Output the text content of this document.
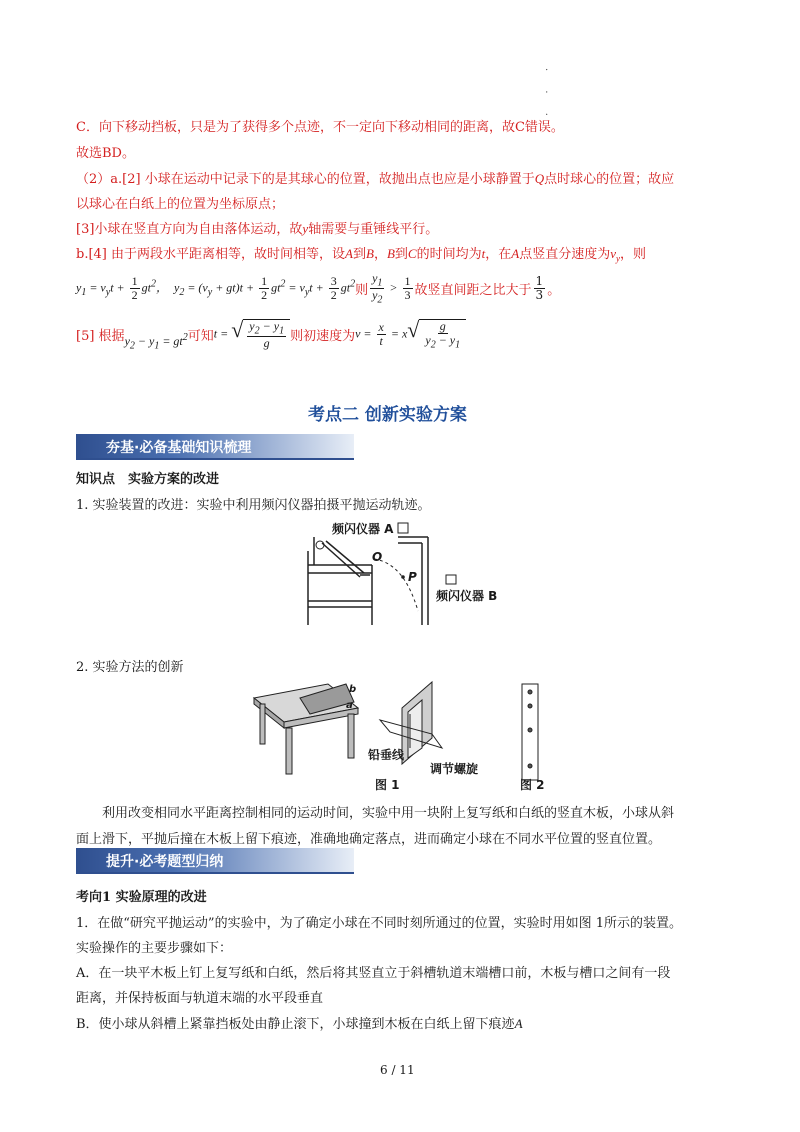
· · ·
C．向下移动挡板，只是为了获得多个点迹，不一定向下移动相同的距离，故C错误。
故选BD。
（2）a.[2] 小球在运动中记录下的是其球心的位置，故抛出点也应是小球静置于Q点时球心的位置；故应
以球心在白纸上的位置为坐标原点；
[3]小球在竖直方向为自由落体运动，故y轴需要与重锤线平行。
b.[4] 由于两段水平距离相等，故时间相等，设A到B，B到C的时间均为t，在A点竖直分速度为$v_y$，则
$y_1 = v_yt + \frac{1}{2} gt^2$，  $y_2 = (v_y + gt)t + \frac{1}{2} gt^2 = v_yt + \frac{3}{2} gt^2$ 则 $\frac{y_1}{y_2} > \frac{1}{3}$ 故竖直间距之比大于 $\frac{1}{3}$ 。
[5] 根据 $y_2 - y_1 = gt^2$ 可知 t = √ $\frac{y_2 - y_1}{g}$ 则初速度为 $v = \frac{x}{t} = x$ √ $\frac{g}{y_2 - y_1}$
考点二 创新实验方案
夯基·必备基础知识梳理
知识点　实验方案的改进
1. 实验装置的改进：实验中利用频闪仪器拍摄平抛运动轨迹。
频闪仪器 A
O
P
频闪仪器 B
2. 实验方法的创新
b
a
铅垂线
调节螺旋
图 1	图 2
利用改变相同水平距离控制相同的运动时间，实验中用一块附上复写纸和白纸的竖直木板，小球从斜
面上滑下，平抛后撞在木板上留下痕迹，准确地确定落点，进而确定小球在不同水平位置的竖直位置。
提升·必考题型归纳
考向1 实验原理的改进
1．在做“研究平抛运动”的实验中，为了确定小球在不同时刻所通过的位置，实验时用如图 1所示的装置。
实验操作的主要步骤如下：
A．在一块平木板上钉上复写纸和白纸，然后将其竖直立于斜槽轨道末端槽口前，木板与槽口之间有一段
距离，并保持板面与轨道末端的水平段垂直
B．使小球从斜槽上紧靠挡板处由静止滚下，小球撞到木板在白纸上留下痕迹A
6 / 11
